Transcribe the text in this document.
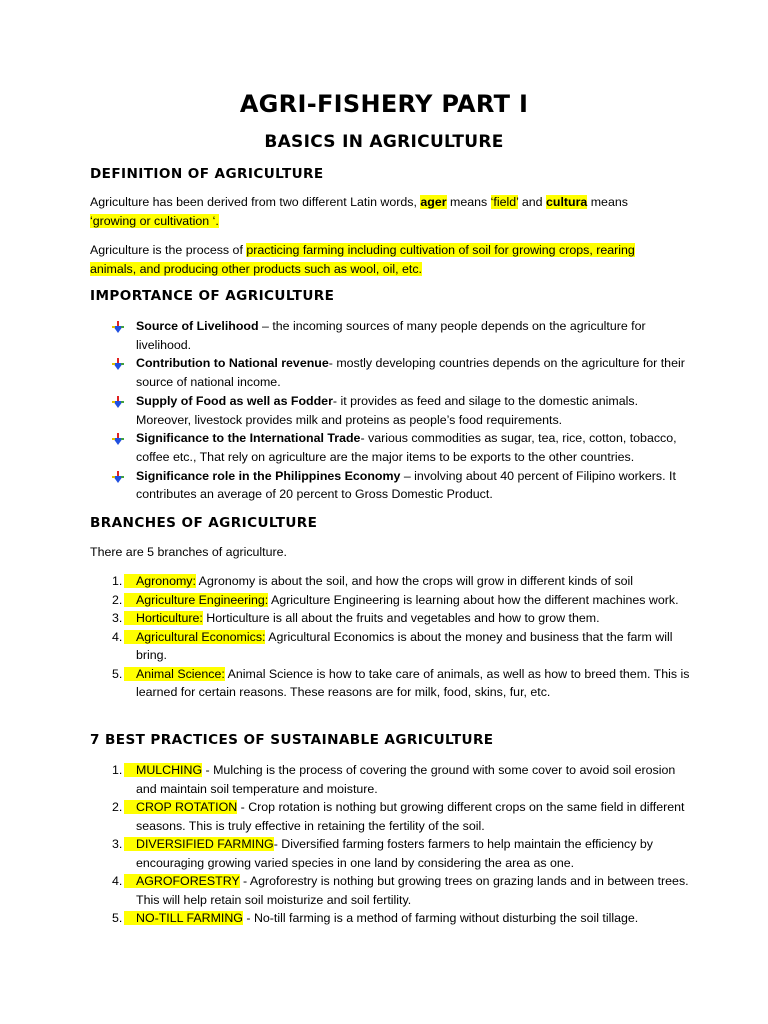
AGRI-FISHERY PART I
BASICS IN AGRICULTURE
DEFINITION OF AGRICULTURE

Agriculture has been derived from two different Latin words, ager means ‘field’ and cultura means
‘growing or cultivation ‘.

Agriculture is the process of practicing farming including cultivation of soil for growing crops, rearing
animals, and producing other products such as wool, oil, etc.

IMPORTANCE OF AGRICULTURE
Source of Livelihood – the incoming sources of many people depends on the agriculture for livelihood.
Contribution to National revenue- mostly developing countries depends on the agriculture for their source of national income.
Supply of Food as well as Fodder- it provides as feed and silage to the domestic animals. Moreover, livestock provides milk and proteins as people’s food requirements.
Significance to the International Trade- various commodities as sugar, tea, rice, cotton, tobacco, coffee etc., That rely on agriculture are the major items to be exports to the other countries.
Significance role in the Philippines Economy – involving about 40 percent of Filipino workers. It contributes an average of 20 percent to Gross Domestic Product.
BRANCHES OF AGRICULTURE

There are 5 branches of agriculture.

1. Agronomy: Agronomy is about the soil, and how the crops will grow in different kinds of soil
2. Agriculture Engineering: Agriculture Engineering is learning about how the different machines work.
3. Horticulture: Horticulture is all about the fruits and vegetables and how to grow them.
4. Agricultural Economics: Agricultural Economics is about the money and business that the farm will bring.
5. Animal Science: Animal Science is how to take care of animals, as well as how to breed them. This is learned for certain reasons. These reasons are for milk, food, skins, fur, etc.
7 BEST PRACTICES OF SUSTAINABLE AGRICULTURE
1. MULCHING - Mulching is the process of covering the ground with some cover to avoid soil erosion and maintain soil temperature and moisture.
2. CROP ROTATION - Crop rotation is nothing but growing different crops on the same field in different seasons. This is truly effective in retaining the fertility of the soil.
3. DIVERSIFIED FARMING- Diversified farming fosters farmers to help maintain the efficiency by encouraging growing varied species in one land by considering the area as one.
4. AGROFORESTRY - Agroforestry is nothing but growing trees on grazing lands and in between trees. This will help retain soil moisturize and soil fertility.
5. NO-TILL FARMING - No-till farming is a method of farming without disturbing the soil tillage.
